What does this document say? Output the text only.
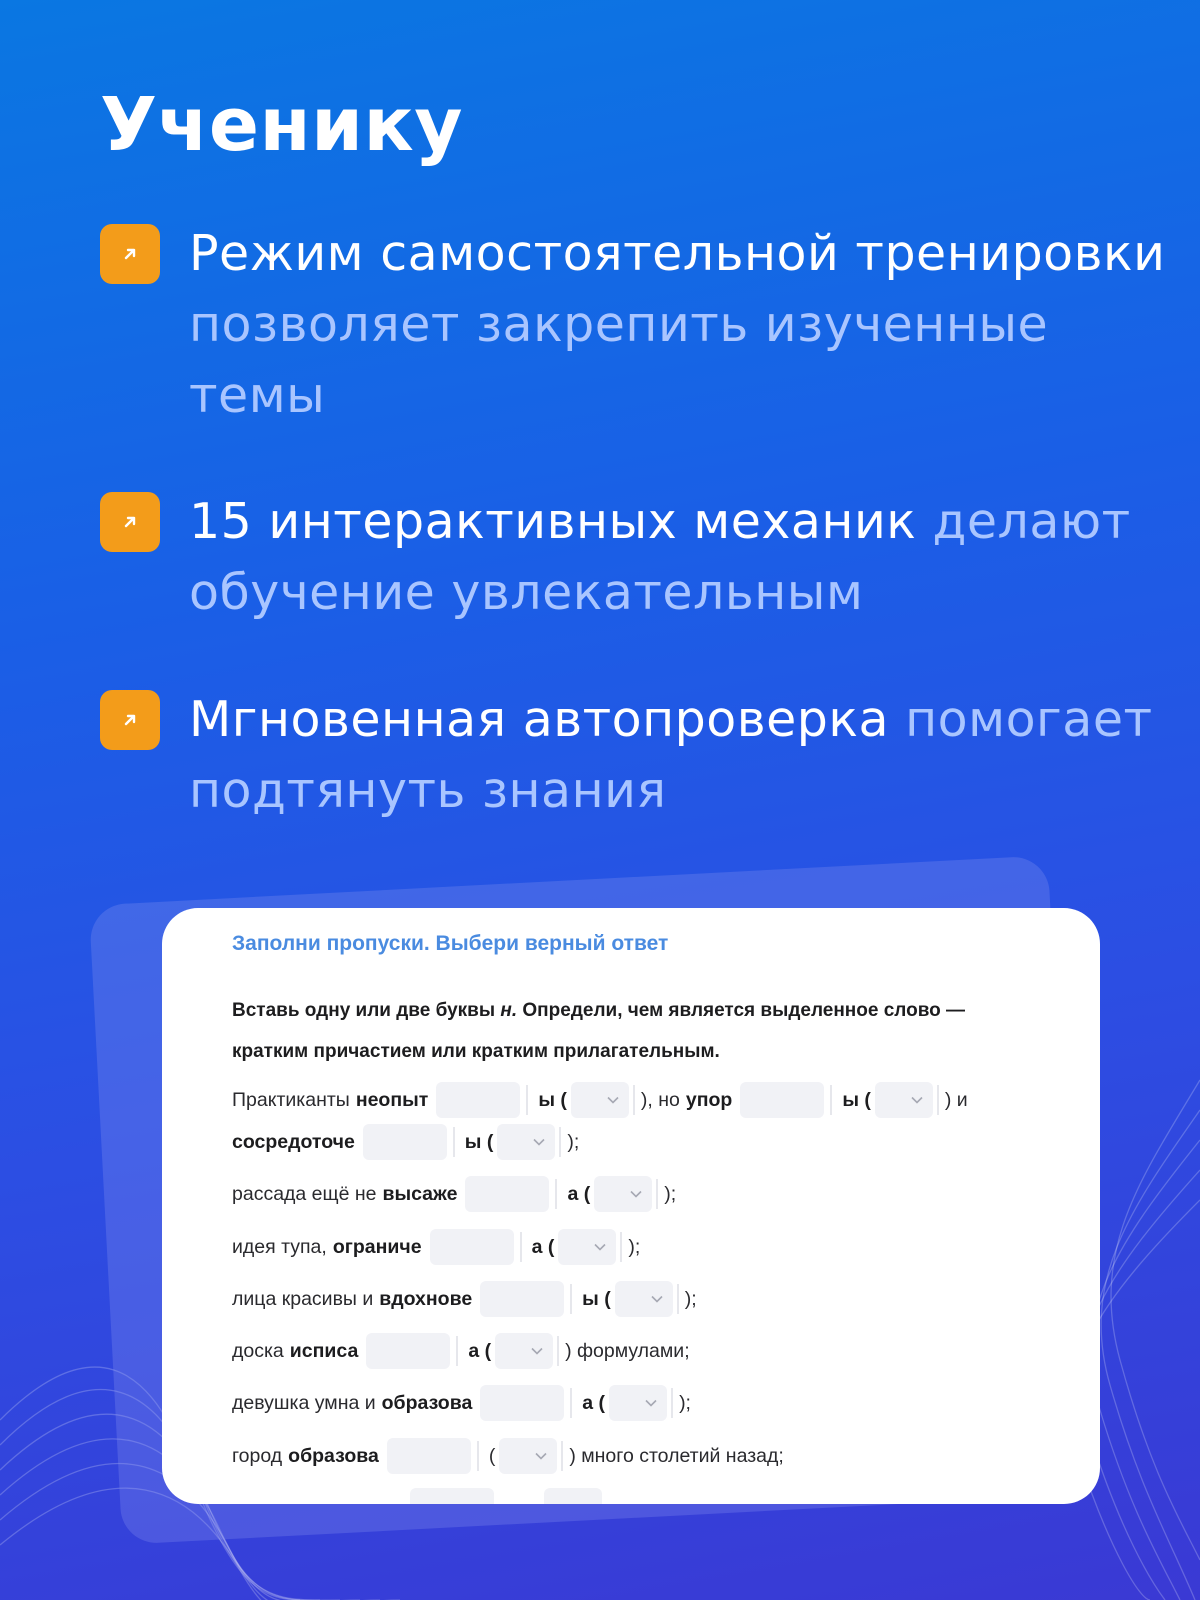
Ученику
Режим самостоятельной тренировки позволяет закрепить изученные темы
15 интерактивных механик делают обучение увлекательным
Мгновенная автопроверка помогает подтянуть знания
Заполни пропуски. Выбери верный ответ
Вставь одну или две буквы н. Определи, чем является выделенное слово — кратким причастием или кратким прилагательным.
Практиканты неопыт	ы (	), но упор	ы (	) и
сосредоточе	ы (	);
рассада ещё не высаже	а (	);
идея тупа, ограниче	а (	);
лица красивы и вдохнове	ы (	);
доска исписа	а (	) формулами;
девушка умна и образова	а (	);
город образова	(	) много столетий назад;
